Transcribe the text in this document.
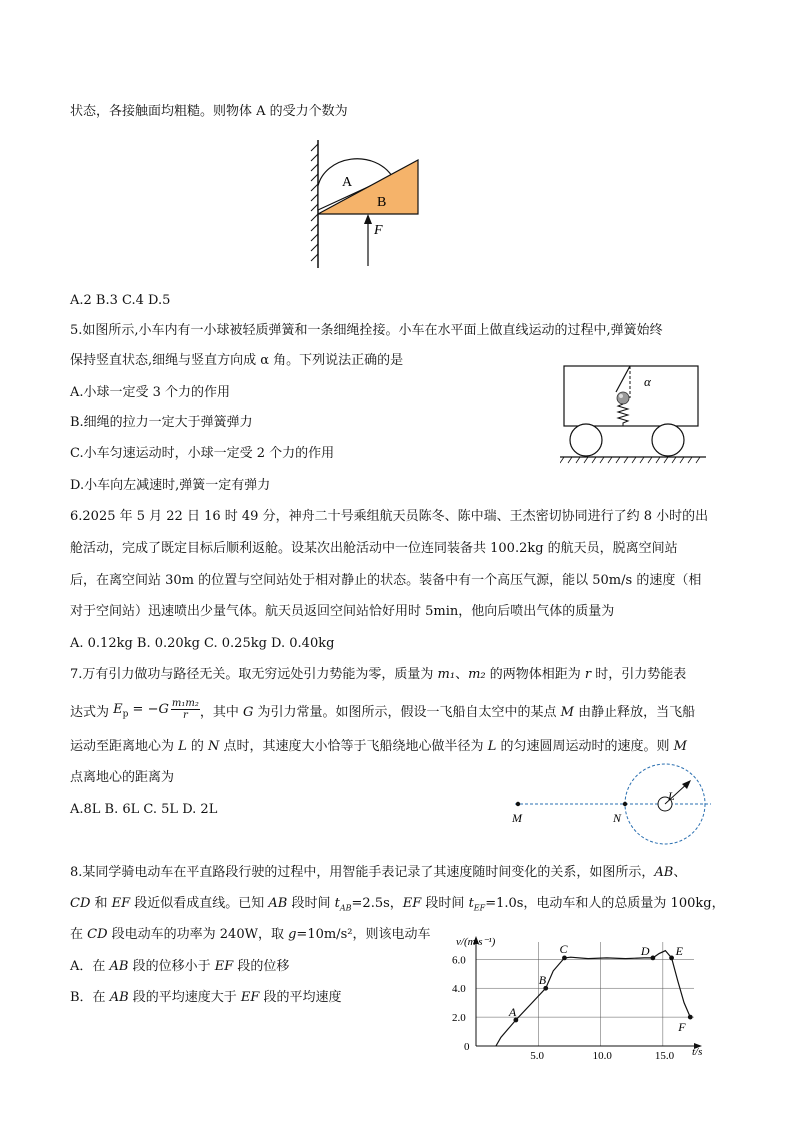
状态，各接触面均粗糙。则物体 A 的受力个数为
A
B
F
A.2 B.3 C.4 D.5
5.如图所示,小车内有一小球被轻质弹簧和一条细绳拴接。小车在水平面上做直线运动的过程中,弹簧始终
保持竖直状态,细绳与竖直方向成 α 角。下列说法正确的是
A.小球一定受 3 个力的作用
B.细绳的拉力一定大于弹簧弹力
C.小车匀速运动时，小球一定受 2 个力的作用
D.小车向左减速时,弹簧一定有弹力
α
6.2025 年 5 月 22 日 16 时 49 分，神舟二十号乘组航天员陈冬、陈中瑞、王杰密切协同进行了约 8 小时的出
舱活动，完成了既定目标后顺利返舱。设某次出舱活动中一位连同装备共 100.2kg 的航天员，脱离空间站
后，在离空间站 30m 的位置与空间站处于相对静止的状态。装备中有一个高压气源，能以 50m/s 的速度（相
对于空间站）迅速喷出少量气体。航天员返回空间站恰好用时 5min，他向后喷出气体的质量为
A. 0.12kg B. 0.20kg C. 0.25kg D. 0.40kg
7.万有引力做功与路径无关。取无穷远处引力势能为零，质量为 m₁、m₂ 的两物体相距为 r 时，引力势能表
达式为 $E_p = -G \frac{\text{m₁m₂}}{r}$ ，其中 G 为引力常量。如图所示，假设一飞船自太空中的某点 M 由静止释放，当飞船
运动至距离地心为 L 的 N 点时，其速度大小恰等于飞船绕地心做半径为 L 的匀速圆周运动时的速度。则 M
点离地心的距离为
A.8L B. 6L C. 5L D. 2L
M	N
L
8.某同学骑电动车在平直路段行驶的过程中，用智能手表记录了其速度随时间变化的关系，如图所示，AB、
CD 和 EF 段近似看成直线。已知 AB 段时间 $t_{AB}=2.5s$，EF 段时间 $t_{EF}=1.0s$，电动车和人的总质量为 100kg，
在 CD 段电动车的功率为 240W，取 g=10m/s²，则该电动车
A．在 AB 段的位移小于 EF 段的位移
B．在 AB 段的平均速度大于 EF 段的平均速度
v/(m·s⁻¹)
t/s
0
2.0
4.0
6.0
5.0	10.0	15.0
A
B
C	D E
F
